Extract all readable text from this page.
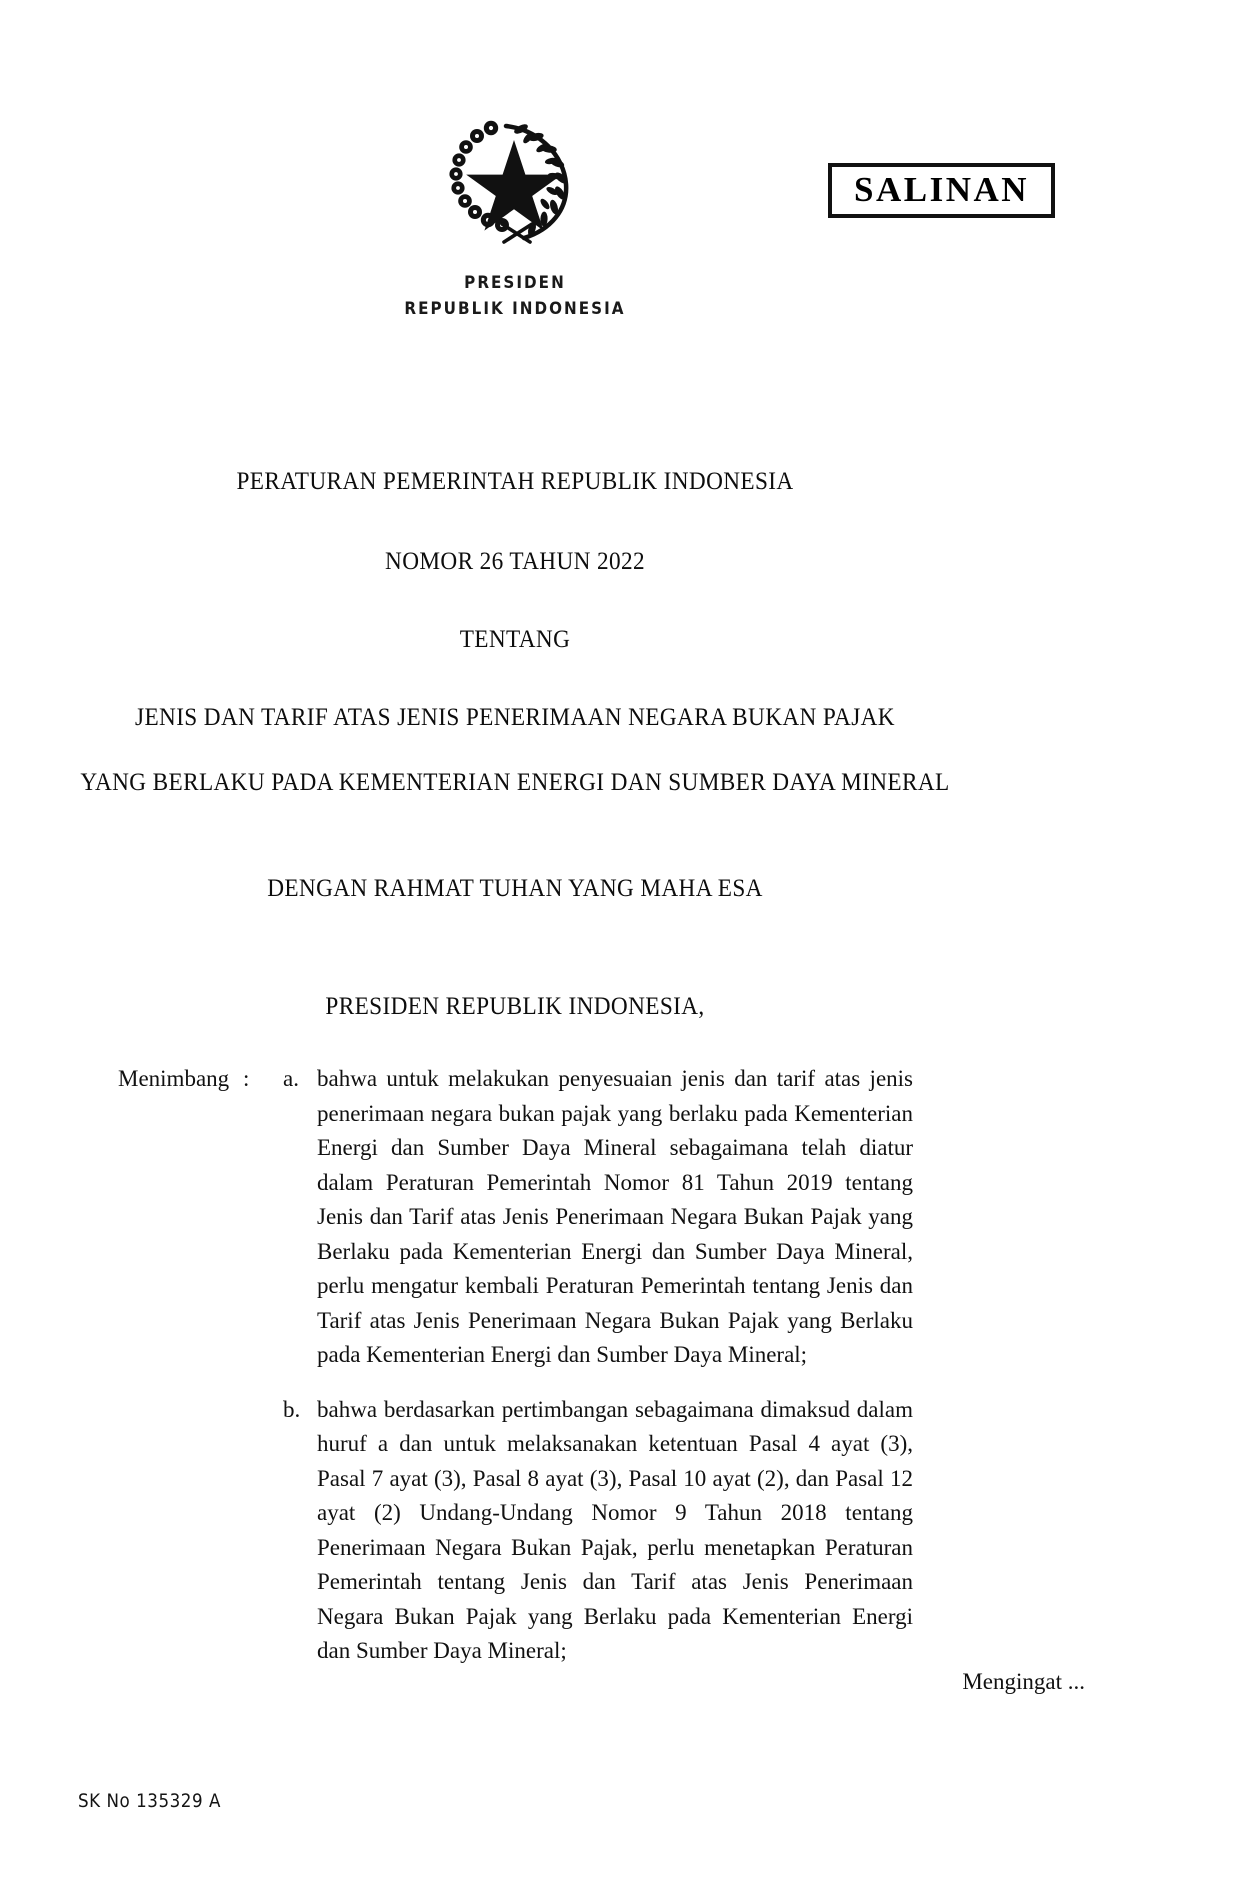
SALINAN
PRESIDEN
REPUBLIK INDONESIA
PERATURAN PEMERINTAH REPUBLIK INDONESIA
NOMOR 26 TAHUN 2022
TENTANG
JENIS DAN TARIF ATAS JENIS PENERIMAAN NEGARA BUKAN PAJAK
YANG BERLAKU PADA KEMENTERIAN ENERGI DAN SUMBER DAYA MINERAL
DENGAN RAHMAT TUHAN YANG MAHA ESA
PRESIDEN REPUBLIK INDONESIA,
Menimbang : a. bahwa untuk melakukan penyesuaian jenis dan tarif atas jenis penerimaan negara bukan pajak yang berlaku pada Kementerian Energi dan Sumber Daya Mineral sebagaimana telah diatur dalam Peraturan Pemerintah Nomor 81 Tahun 2019 tentang Jenis dan Tarif atas Jenis Penerimaan Negara Bukan Pajak yang Berlaku pada Kementerian Energi dan Sumber Daya Mineral, perlu mengatur kembali Peraturan Pemerintah tentang Jenis dan Tarif atas Jenis Penerimaan Negara Bukan Pajak yang Berlaku pada Kementerian Energi dan Sumber Daya Mineral;
b. bahwa berdasarkan pertimbangan sebagaimana dimaksud dalam huruf a dan untuk melaksanakan ketentuan Pasal 4 ayat (3), Pasal 7 ayat (3), Pasal 8 ayat (3), Pasal 10 ayat (2), dan Pasal 12 ayat (2) Undang-Undang Nomor 9 Tahun 2018 tentang Penerimaan Negara Bukan Pajak, perlu menetapkan Peraturan Pemerintah tentang Jenis dan Tarif atas Jenis Penerimaan Negara Bukan Pajak yang Berlaku pada Kementerian Energi dan Sumber Daya Mineral;
Mengingat ...
SK No 135329 A
